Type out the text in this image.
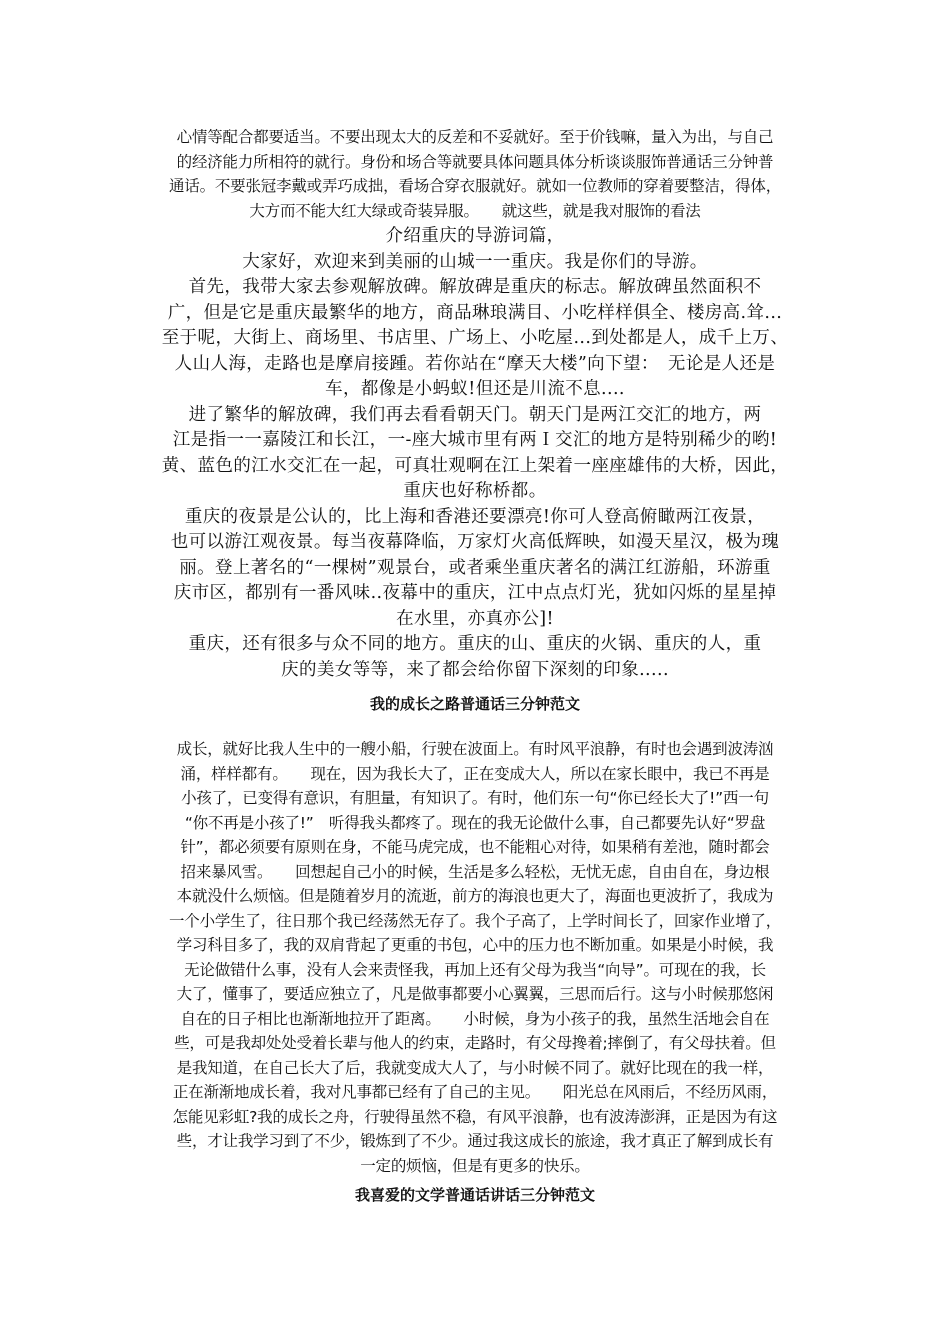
心情等配合都要适当。不要出现太大的反差和不妥就好。至于价钱嘛，量入为出，与自己
的经济能力所相符的就行。身份和场合等就要具体问题具体分析谈谈服饰普通话三分钟普
通话。不要张冠李戴或弄巧成拙，看场合穿衣服就好。就如一位教师的穿着要整洁，得体，
大方而不能大红大绿或奇装异服。　　就这些，就是我对服饰的看法
介绍重庆的导游词篇，
大家好，欢迎来到美丽的山城一一重庆。我是你们的导游。
首先，我带大家去参观解放碑。解放碑是重庆的标志。解放碑虽然面积不
广，但是它是重庆最繁华的地方，商品琳琅满目、小吃样样俱全、楼房高.耸...
至于呢，大街上、商场里、书店里、广场上、小吃屋...到处都是人，成千上万、
人山人海，走路也是摩肩接踵。若你站在“摩天大楼”向下望：　无论是人还是
车，都像是小蚂蚁!但还是川流不息....
进了繁华的解放碑，我们再去看看朝天门。朝天门是两江交汇的地方，两
江是指一一嘉陵江和长江，一-座大城市里有两Ｉ交汇的地方是特别稀少的哟!
黄、蓝色的江水交汇在一起，可真壮观啊在江上架着一座座雄伟的大桥，因此，
重庆也好称桥都。
重庆的夜景是公认的，比上海和香港还要漂亮!你可人登高俯瞰两江夜景，
也可以游江观夜景。每当夜幕降临，万家灯火高低辉映，如漫天星汉，极为瑰
丽。登上著名的“一棵树”观景台，或者乘坐重庆著名的满江红游船，环游重
庆市区，都别有一番风味..夜幕中的重庆，江中点点灯光，犹如闪烁的星星掉
在水里，亦真亦公]!
重庆，还有很多与众不同的地方。重庆的山、重庆的火锅、重庆的人，重
庆的美女等等，来了都会给你留下深刻的印象.....
我的成长之路普通话三分钟范文
成长，就好比我人生中的一艘小船，行驶在波面上。有时风平浪静，有时也会遇到波涛汹
涌，样样都有。　　现在，因为我长大了，正在变成大人，所以在家长眼中，我已不再是
小孩了，已变得有意识，有胆量，有知识了。有时，他们东一句“你已经长大了!”西一句
“你不再是小孩了!”　听得我头都疼了。现在的我无论做什么事，自己都要先认好“罗盘
针”，都必须要有原则在身，不能马虎完成，也不能粗心对待，如果稍有差池，随时都会
招来暴风雪。　　回想起自己小的时候，生活是多么轻松，无忧无虑，自由自在，身边根
本就没什么烦恼。但是随着岁月的流逝，前方的海浪也更大了，海面也更波折了，我成为
一个小学生了，往日那个我已经荡然无存了。我个子高了，上学时间长了，回家作业增了，
学习科目多了，我的双肩背起了更重的书包，心中的压力也不断加重。如果是小时候，我
无论做错什么事，没有人会来责怪我，再加上还有父母为我当“向导”。可现在的我，长
大了，懂事了，要适应独立了，凡是做事都要小心翼翼，三思而后行。这与小时候那悠闲
自在的日子相比也渐渐地拉开了距离。　　小时候，身为小孩子的我，虽然生活地会自在
些，可是我却处处受着长辈与他人的约束，走路时，有父母搀着;摔倒了，有父母扶着。但
是我知道，在自己长大了后，我就变成大人了，与小时候不同了。就好比现在的我一样，
正在渐渐地成长着，我对凡事都已经有了自己的主见。　　阳光总在风雨后，不经历风雨，
怎能见彩虹?我的成长之舟，行驶得虽然不稳，有风平浪静，也有波涛澎湃，正是因为有这
些，才让我学习到了不少，锻炼到了不少。通过我这成长的旅途，我才真正了解到成长有
一定的烦恼，但是有更多的快乐。
我喜爱的文学普通话讲话三分钟范文
